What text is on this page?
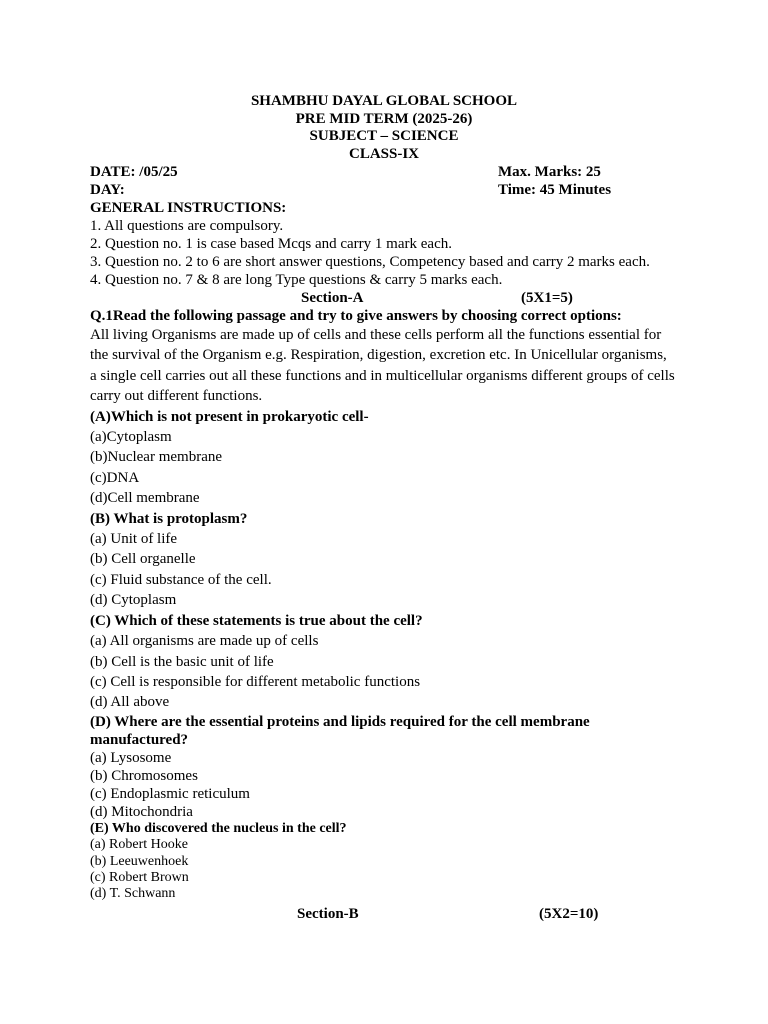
SHAMBHU DAYAL GLOBAL SCHOOL
PRE MID TERM (2025-26)
SUBJECT – SCIENCE
CLASS-IX
DATE: /05/25	Max. Marks: 25
DAY:	Time: 45 Minutes
GENERAL INSTRUCTIONS:
1. All questions are compulsory.
2. Question no. 1 is case based Mcqs and carry 1 mark each.
3. Question no. 2 to 6 are short answer questions, Competency based and carry 2 marks each.
4. Question no. 7 & 8 are long Type questions & carry 5 marks each.
Section-A	(5X1=5)
Q.1Read the following passage and try to give answers by choosing correct options:
All living Organisms are made up of cells and these cells perform all the functions essential for
the survival of the Organism e.g. Respiration, digestion, excretion etc. In Unicellular organisms,
a single cell carries out all these functions and in multicellular organisms different groups of cells
carry out different functions.
(A)Which is not present in prokaryotic cell-
(a)Cytoplasm
(b)Nuclear membrane
(c)DNA
(d)Cell membrane
(B) What is protoplasm?
(a) Unit of life
(b) Cell organelle
(c) Fluid substance of the cell.
(d) Cytoplasm
(C) Which of these statements is true about the cell?
(a) All organisms are made up of cells
(b) Cell is the basic unit of life
(c) Cell is responsible for different metabolic functions
(d) All above
(D) Where are the essential proteins and lipids required for the cell membrane
manufactured?
(a) Lysosome
(b) Chromosomes
(c) Endoplasmic reticulum
(d) Mitochondria
(E) Who discovered the nucleus in the cell?
(a) Robert Hooke
(b) Leeuwenhoek
(c) Robert Brown
(d) T. Schwann
Section-B	(5X2=10)
